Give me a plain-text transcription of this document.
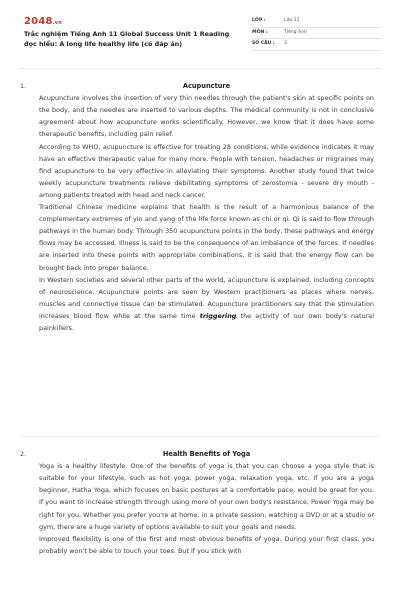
2048.vn
Trắc nghiệm Tiếng Anh 11 Global Success Unit 1 Reading đọc hiểu: A long life healthy life (có đáp án)
LỚP :	Lớp 11
MÔN :	Tiếng Anh
SỐ CÂU : 3
1.	Acupuncture

Acupuncture involves the insertion of very thin needles through the patient's skin at specific points on the body, and the needles are inserted to various depths. The medical community is not in conclusive agreement about how acupuncture works scientifically. However, we know that it does have some therapeutic benefits, including pain relief.

According to WHO, acupuncture is effective for treating 28 conditions, while evidence indicates it may have an effective therapeutic value for many more. People with tension, headaches or migraines may find acupuncture to be very effective in alleviating their symptoms. Another study found that twice weekly acupuncture treatments relieve debilitating symptoms of zerostomia - severe dry mouth - among patients treated with head and neck cancer.

Traditional Chinese medicine explains that health is the result of a harmonious balance of the complementary extremes of yin and yang of the life force known as chi or qi. Qi is said to flow through pathways in the human body. Through 350 acupuncture points in the body, these pathways and energy flows may be accessed. Illness is said to be the consequence of an imbalance of the forces. If needles are inserted into these points with appropriate combinations, it is said that the energy flow can be brought back into proper balance.

In Western societies and several other parts of the world, acupuncture is explained, including concepts of neuroscience. Acupuncture points are seen by Western practitioners as places where nerves, muscles and connective tissue can be stimulated. Acupuncture practitioners say that the stimulation increases blood flow while at the same time triggering the activity of our own body's natural painkillers.

2.	Health Benefits of Yoga

Yoga is a healthy lifestyle. One of the benefits of yoga is that you can choose a yoga style that is suitable for your lifestyle, such as hot yoga, power yoga, relaxation yoga, etc. If you are a yoga beginner, Hatha Yoga, which focuses on basic postures at a comfortable pace, would be great for you. If you want to increase strength through using more of your own body's resistance, Power Yoga may be right for you. Whether you prefer you're at home, in a private session, watching a DVD or at a studio or gym, there are a huge variety of options available to suit your goals and needs.

Improved flexibility is one of the first and most obvious benefits of yoga. During your first class, you probably won't be able to touch your toes. But if you stick with
